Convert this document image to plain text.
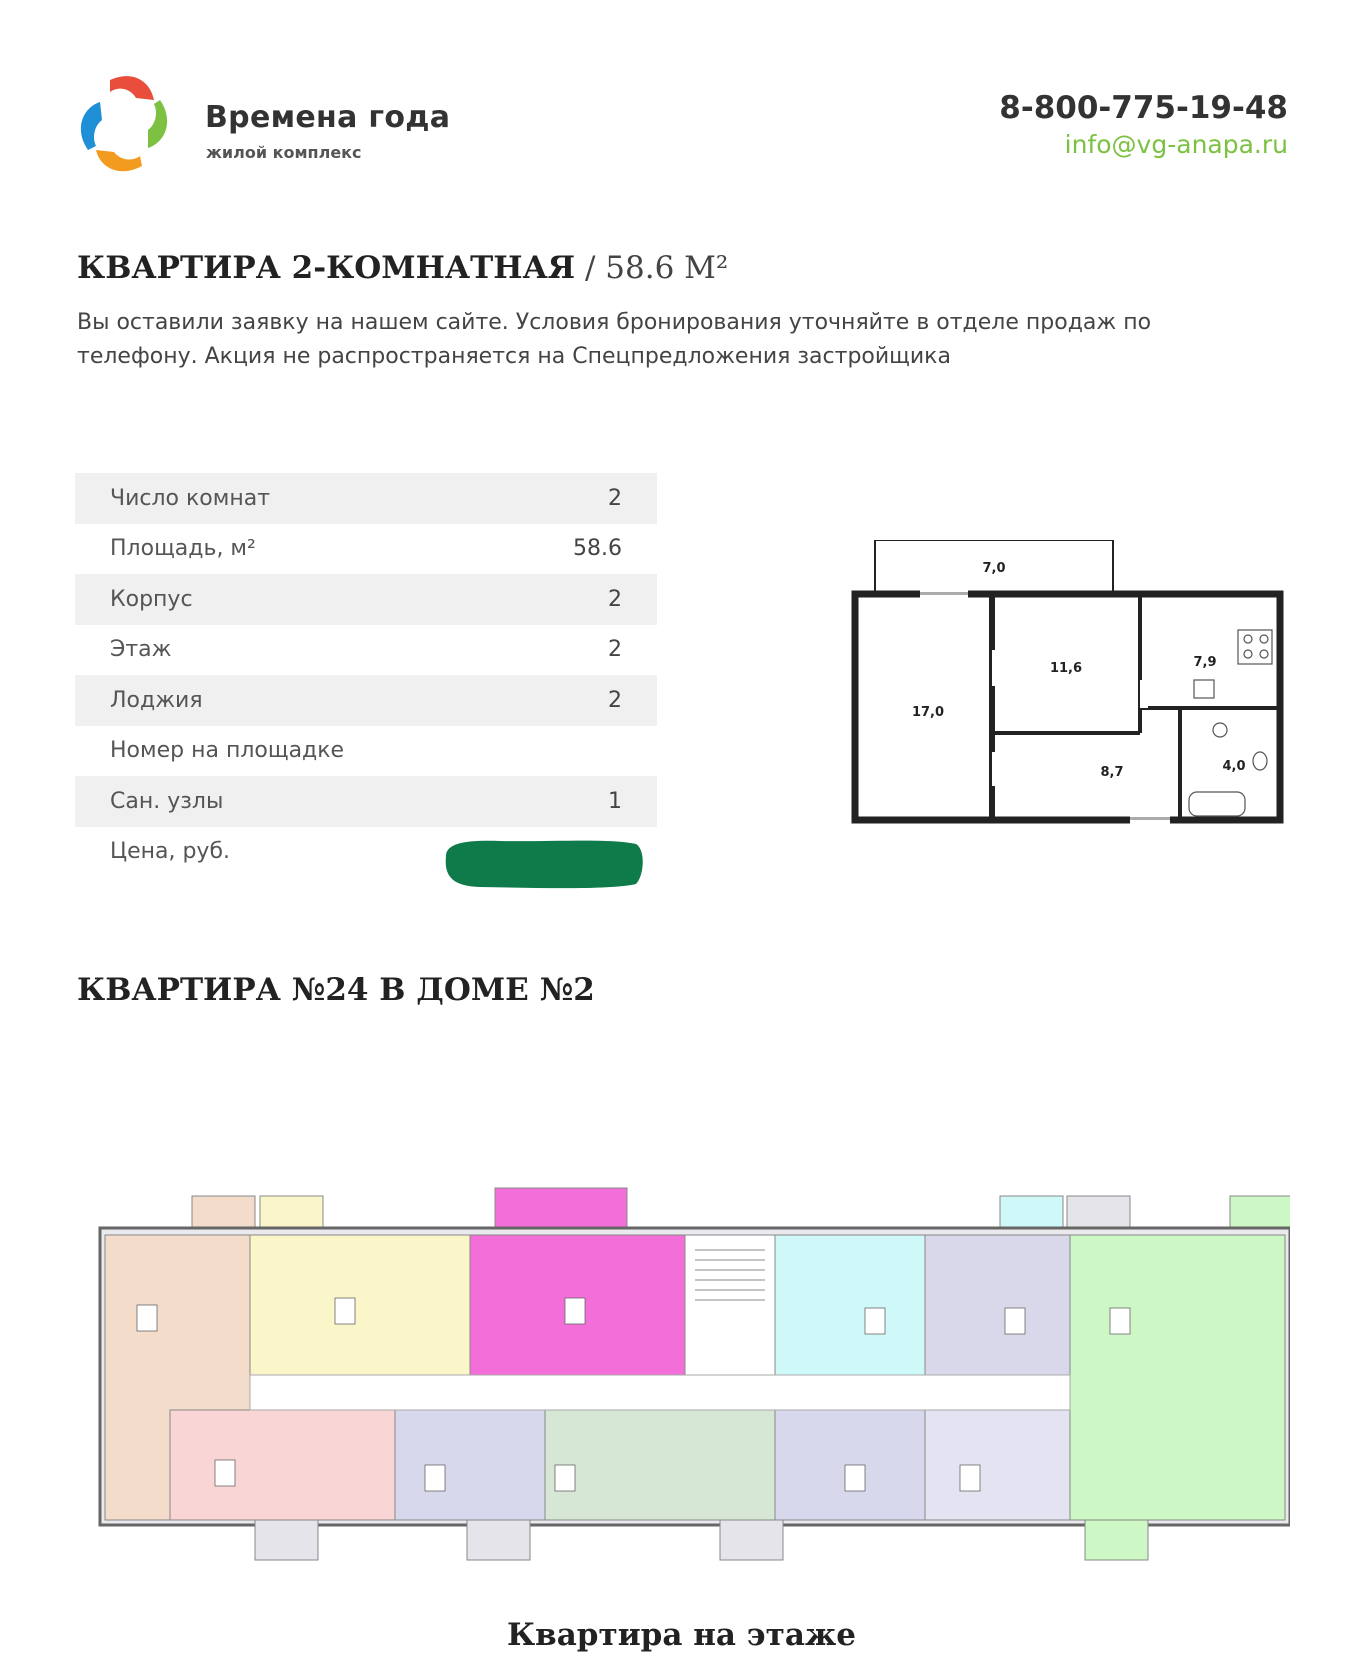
Времена года
жилой комплекс
8-800-775-19-48
info@vg-anapa.ru
КВАРТИРА 2-КОМНАТНАЯ / 58.6 М²
Вы оставили заявку на нашем сайте. Условия бронирования уточняйте в отделе продаж по телефону. Акция не распространяется на Спецпредложения застройщика
Число комнат	2
Площадь, м²	58.6
Корпус	2
Этаж	2
Лоджия	2
Номер на площадке
Сан. узлы	1
Цена, руб.
7,0
17,0
11,6	7,9
8,7	4,0
КВАРТИРА №24 В ДОМЕ №2
Квартира на этаже
